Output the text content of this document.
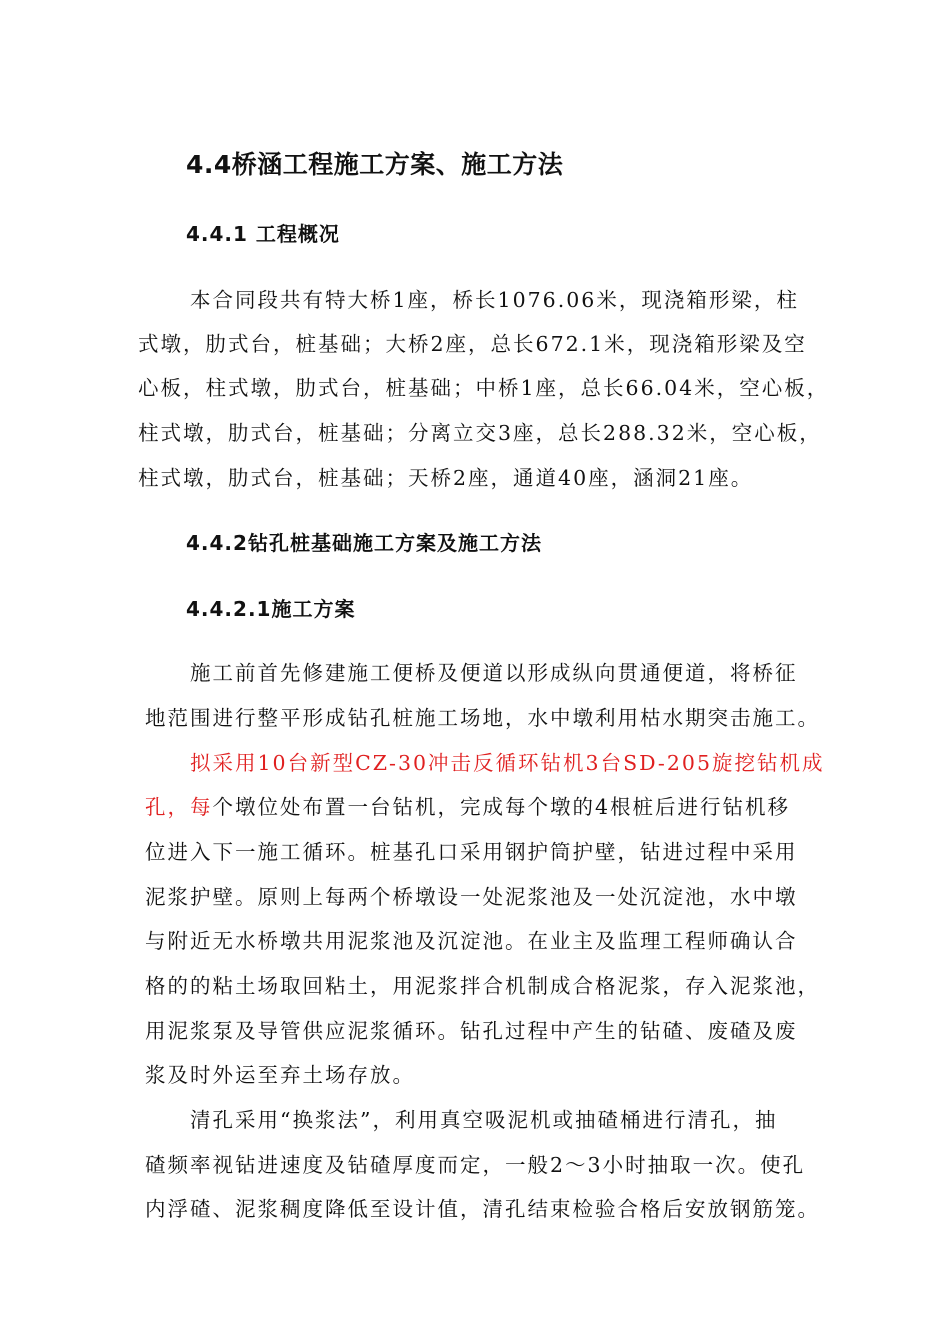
4.4桥涵工程施工方案、施工方法
4.4.1 工程概况

本合同段共有特大桥1座，桥长1076.06米，现浇箱形梁，柱

式墩，肋式台，桩基础；大桥2座，总长672.1米，现浇箱形梁及空

心板，柱式墩，肋式台，桩基础；中桥1座，总长66.04米，空心板，

柱式墩，肋式台，桩基础；分离立交3座，总长288.32米，空心板，

柱式墩，肋式台，桩基础；天桥2座，通道40座，涵洞21座。

4.4.2钻孔桩基础施工方案及施工方法
4.4.2.1施工方案

施工前首先修建施工便桥及便道以形成纵向贯通便道，将桥征

地范围进行整平形成钻孔桩施工场地，水中墩利用枯水期突击施工。

拟采用10台新型CZ-30冲击反循环钻机3台SD-205旋挖钻机成

孔，每个墩位处布置一台钻机，完成每个墩的4根桩后进行钻机移

位进入下一施工循环。桩基孔口采用钢护筒护壁，钻进过程中采用

泥浆护壁。原则上每两个桥墩设一处泥浆池及一处沉淀池，水中墩

与附近无水桥墩共用泥浆池及沉淀池。在业主及监理工程师确认合

格的的粘土场取回粘土，用泥浆拌合机制成合格泥浆，存入泥浆池，

用泥浆泵及导管供应泥浆循环。钻孔过程中产生的钻碴、废碴及废

浆及时外运至弃土场存放。

清孔采用“换浆法”，利用真空吸泥机或抽碴桶进行清孔，抽

碴频率视钻进速度及钻碴厚度而定，一般2～3小时抽取一次。使孔

内浮碴、泥浆稠度降低至设计值，清孔结束检验合格后安放钢筋笼。
